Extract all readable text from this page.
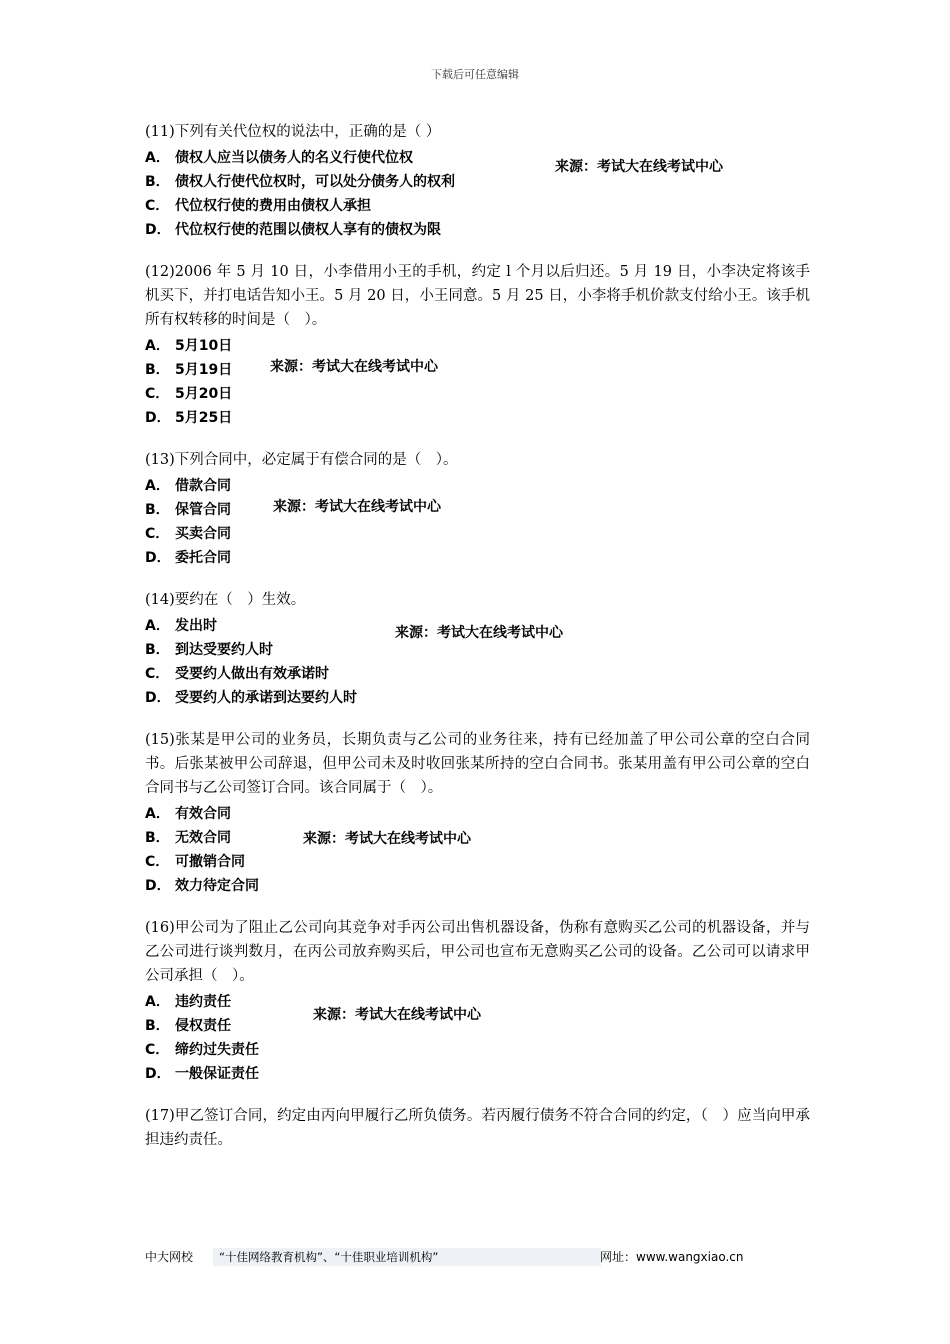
下载后可任意编辑

(11)下列有关代位权的说法中，正确的是（ ）

A． 债权人应当以债务人的名义行使代位权
B． 债权人行使代位权时，可以处分债务人的权利
C． 代位权行使的费用由债权人承担
D． 代位权行使的范围以债权人享有的债权为限
来源：考试大在线考试中心

(12)2006 年 5 月 10 日，小李借用小王的手机，约定 l 个月以后归还。5 月 19 日，小李决定将该手机买下，并打电话告知小王。5 月 20 日，小王同意。5 月 25 日，小李将手机价款支付给小王。该手机所有权转移的时间是（　）。

A． 5月10日
B． 5月19日
C． 5月20日
D． 5月25日
来源：考试大在线考试中心

(13)下列合同中，必定属于有偿合同的是（　）。

A． 借款合同
B． 保管合同
C． 买卖合同
D． 委托合同
来源：考试大在线考试中心

(14)要约在（　）生效。

A． 发出时
B． 到达受要约人时
C． 受要约人做出有效承诺时
D． 受要约人的承诺到达要约人时
来源：考试大在线考试中心

(15)张某是甲公司的业务员，长期负责与乙公司的业务往来，持有已经加盖了甲公司公章的空白合同书。后张某被甲公司辞退，但甲公司未及时收回张某所持的空白合同书。张某用盖有甲公司公章的空白合同书与乙公司签订合同。该合同属于（　）。

A． 有效合同
B． 无效合同
C． 可撤销合同
D． 效力待定合同
来源：考试大在线考试中心

(16)甲公司为了阻止乙公司向其竞争对手丙公司出售机器设备，伪称有意购买乙公司的机器设备，并与乙公司进行谈判数月，在丙公司放弃购买后，甲公司也宣布无意购买乙公司的设备。乙公司可以请求甲公司承担（　）。

A． 违约责任
B． 侵权责任
C． 缔约过失责任
D． 一般保证责任
来源：考试大在线考试中心

(17)甲乙签订合同，约定由丙向甲履行乙所负债务。若丙履行债务不符合合同的约定，（　）应当向甲承担违约责任。

中大网校	“十佳网络教育机构”、“十佳职业培训机构”	网址：www.wangxiao.cn
